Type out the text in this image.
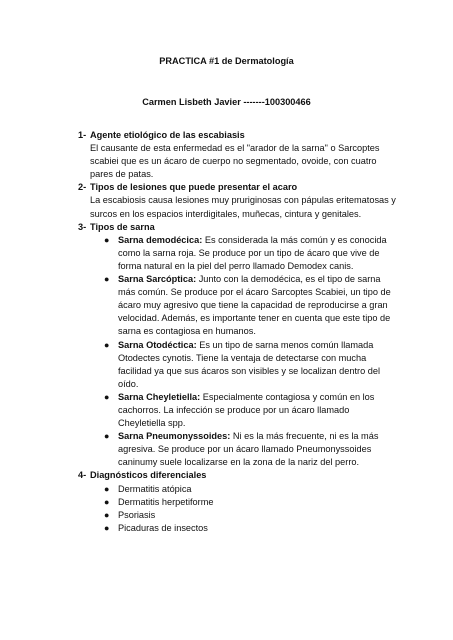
PRACTICA #1 de Dermatología
Carmen Lisbeth Javier -------100300466
1- Agente etiológico de las escabiasis
El causante de esta enfermedad es el "arador de la sarna" o Sarcoptes scabiei que es un ácaro de cuerpo no segmentado, ovoide, con cuatro pares de patas.
2- Tipos de lesiones que puede presentar el acaro
La escabiosis causa lesiones muy pruriginosas con pápulas eritematosas y surcos en los espacios interdigitales, muñecas, cintura y genitales.
3- Tipos de sarna
● Sarna demodécica: Es considerada la más común y es conocida como la sarna roja. Se produce por un tipo de ácaro que vive de forma natural en la piel del perro llamado Demodex canis.
● Sarna Sarcóptica: Junto con la demodécica, es el tipo de sarna más común. Se produce por el ácaro Sarcoptes Scabiei, un tipo de ácaro muy agresivo que tiene la capacidad de reproducirse a gran velocidad. Además, es importante tener en cuenta que este tipo de sarna es contagiosa en humanos.
● Sarna Otodéctica: Es un tipo de sarna menos común llamada Otodectes cynotis. Tiene la ventaja de detectarse con mucha facilidad ya que sus ácaros son visibles y se localizan dentro del oído.
● Sarna Cheyletiella: Especialmente contagiosa y común en los cachorros. La infección se produce por un ácaro llamado Cheyletiella spp.
● Sarna Pneumonyssoides: Ni es la más frecuente, ni es la más agresiva. Se produce por un ácaro llamado Pneumonyssoides caninumy suele localizarse en la zona de la nariz del perro.
4- Diagnósticos diferenciales
● Dermatitis atópica
● Dermatitis herpetiforme
● Psoriasis
● Picaduras de insectos
